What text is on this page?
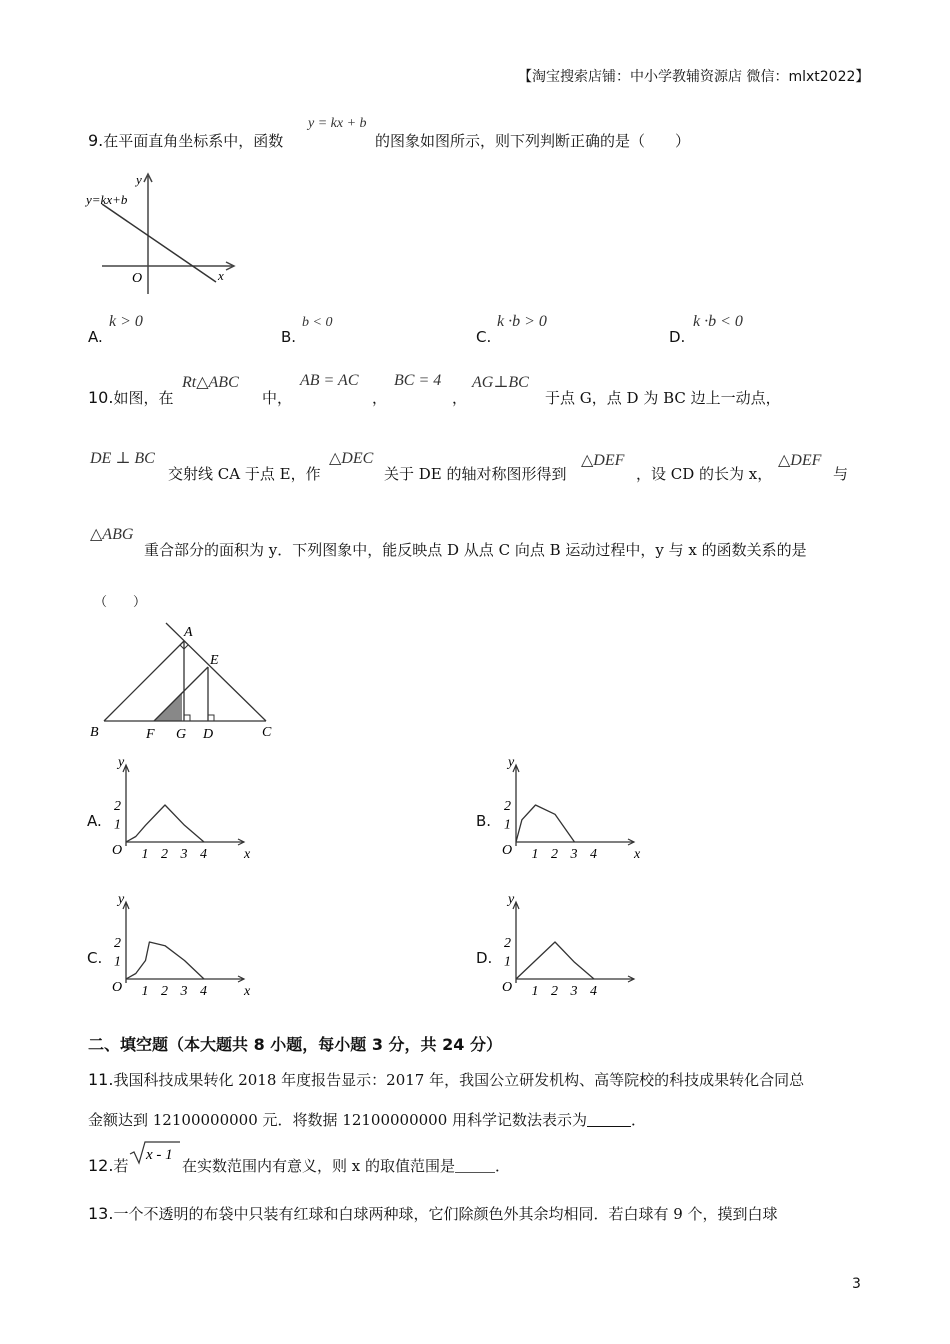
【淘宝搜索店铺：中小学教辅资源店 微信：mlxt2022】
9.在平面直角坐标系中，函数
y = kx + b
的图象如图所示，则下列判断正确的是（　　）
y=kx+b
y
x
O
A.
k > 0
B.
b < 0
C.
k ·b > 0
D.
k ·b < 0
10.如图，在
Rt△ABC
中，
AB = AC
，
BC = 4
，
AG⊥BC
于点 G，点 D 为 BC 边上一动点，
DE ⊥ BC
交射线 CA 于点 E，作
△DEC
关于 DE 的轴对称图形得到
△DEF
，设 CD 的长为 x，
△DEF
与
△ABG
重合部分的面积为 y．下列图象中，能反映点 D 从点 C 向点 B 运动过程中，y 与 x 的函数关系的是
（　　）
A
E
B	F G D	C
A.
y
x
O 1 2 3 4
1
2
B.
y
x
O 1 2 3 4
1
2
C.
y
x
O 1 2 3 4
1
2
D.
y
O 1 2 3 4
1
2
二、填空题（本大题共 8 小题，每小题 3 分，共 24 分）
11.我国科技成果转化 2018 年度报告显示：2017 年，我国公立研发机构、高等院校的科技成果转化合同总
金额达到 12100000000 元．将数据 12100000000 用科学记数法表示为	．
12.若
x - 1
在实数范围内有意义，则 x 的取值范围是	．
13.一个不透明的布袋中只装有红球和白球两种球，它们除颜色外其余均相同．若白球有 9 个，摸到白球
3
